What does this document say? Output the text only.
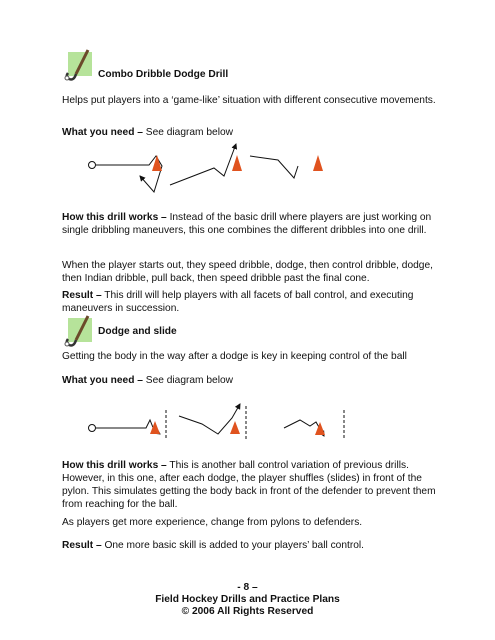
Combo Dribble Dodge Drill

Helps put players into a ‘game-like’ situation with different consecutive movements.

What you need – See diagram below

How this drill works – Instead of the basic drill where players are just working on single dribbling maneuvers, this one combines the different dribbles into one drill.

When the player starts out, they speed dribble, dodge, then control dribble, dodge, then Indian dribble, pull back, then speed dribble past the final cone.

Result – This drill will help players with all facets of ball control, and executing maneuvers in succession.

Dodge and slide

Getting the body in the way after a dodge is key in keeping control of the ball

What you need – See diagram below

How this drill works – This is another ball control variation of previous drills. However, in this one, after each dodge, the player shuffles (slides) in front of the pylon. This simulates getting the body back in front of the defender to prevent them from reaching for the ball.

As players get more experience, change from pylons to defenders.

Result – One more basic skill is added to your players’ ball control.

- 8 –
Field Hockey Drills and Practice Plans
© 2006 All Rights Reserved
